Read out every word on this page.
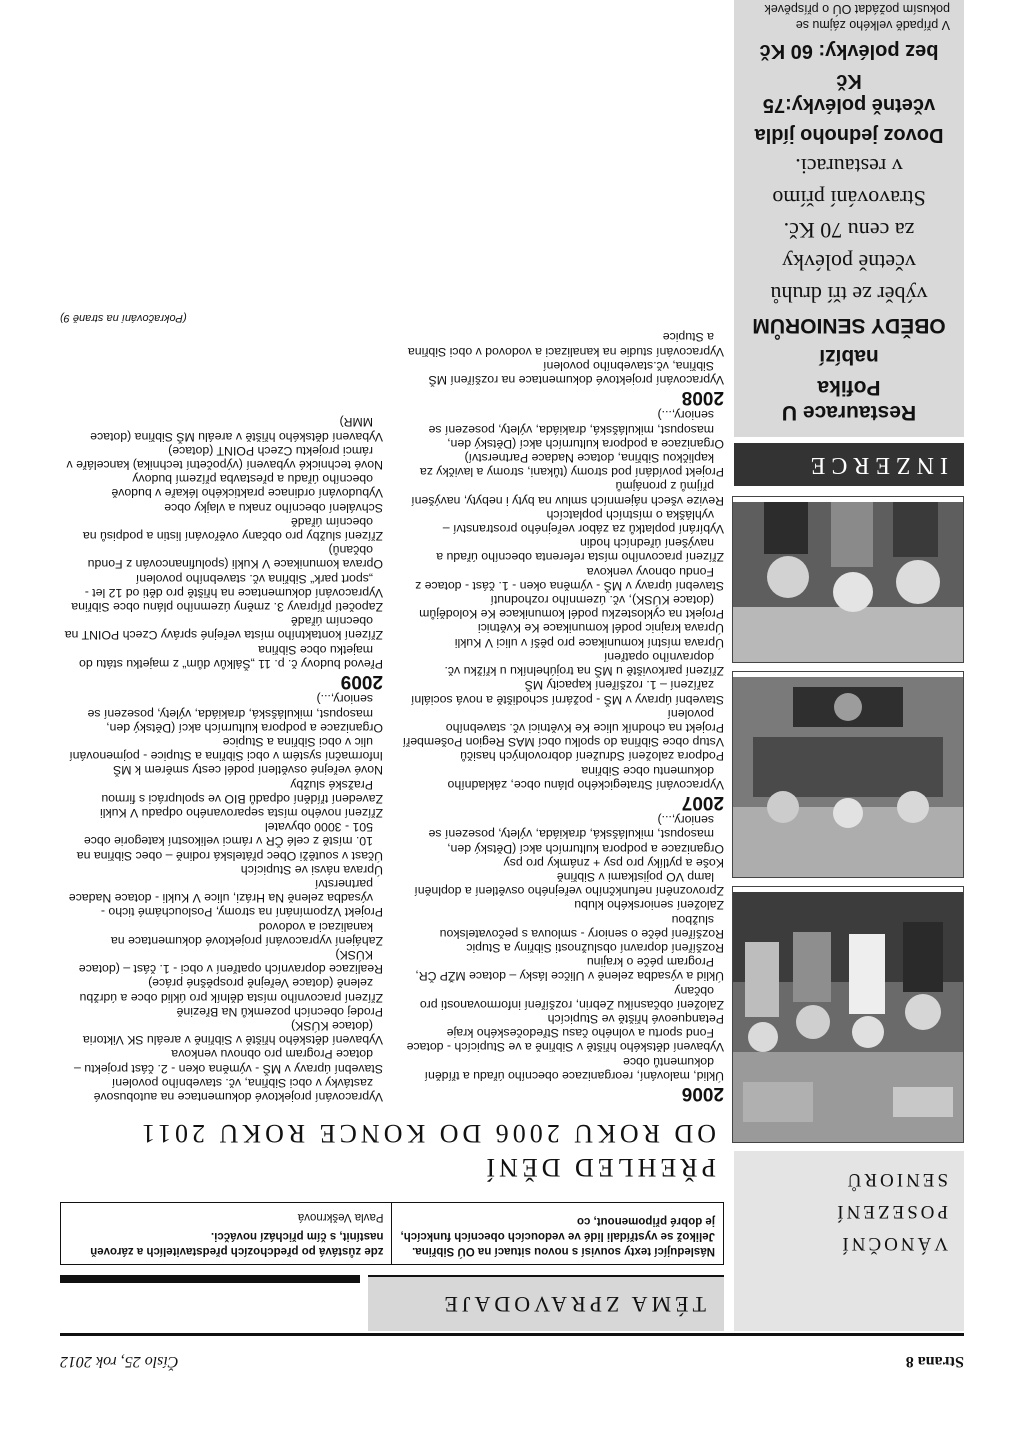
Strana 8
Číslo 25, rok 2012
VÁNOČNÍ
POSEZENÍ
SENIORŮ
INZERCE

Restaurace U Pofika

nabízí

OBĚDY SENIORŮM

výběr ze tří druhů

včetně polévky

za cenu 70 Kč.

Stravování přímo

v restauraci.

Dovoz jednoho jídla

včetně polévky:75 Kč

bez polévky: 60 Kč

V případě velkého zájmu se pokusím požádat OÚ o příspěvek

TÉMA ZPRAVODAJE
Následující texty souvisí s novou situací na OÚ Sibřina. Jelikož se vystřídali lidé ve vedoucích obecních funkcích, je dobré připomenout, co
zde zůstává po předchozích představitelích a zároveň nastínit, s čím přichází nováčci.
Pavla Veškrnová
PŘEHLED DĚNÍ
OD ROKU 2006 DO KONCE ROKU 2011

2006

Úklid, malování, reorganizace obecního úřadu a třídění dokumentů obce

Vybavení dětského hřiště v Sibřině a ve Stupicích - dotace Fond sportu a volného času Středočeského kraje

Petanqueové hřiště ve Stupicích

Založení občasníku Zebrin, rozšíření informovanosti pro občany

Úklid a výsadba zeleně v Uličce lásky – dotace MŽP ČR, Program péče o krajinu

Rozšíření dopravní obslužnosti Sibřiny a Stupic

Rozšíření péče o seniory - smlouva s pečovatelskou službou

Založení seniorského klubu

Zprovoznění nefunkčního veřejného osvětlení a doplnění lamp VO pojistkami v Sibřině

Koše a pytlíky pro psy + známky pro psy

Organizace a podpora kulturních akcí (Dětský den, masopust, mikulášská, drakiáda, výlety, posezení se seniory,...)

2007

Vypracování Strategického plánu obce, základního dokumentu obce Sibřina

Podpora založení Sdružení dobrovolných hasičů

Vstup obce Sibřina do spolku obcí MAS Region Pošembeří

Projekt na chodník ulice Ke Květnici vč. stavebního povolení

Stavební úpravy v MŠ - požární schodiště a nová sociální zařízení – 1. rozšíření kapacity MŠ

Zřízení parkoviště u MŠ na trojúhelníku u křížku vč. dopravního opatření

Úprava místní komunikace pro pěší v ulici V Kukli

Úprava krajnic podél komunikace Ke Květnici

Projekt na cyklostezku podél komunikace Ke Kolodějům (dotace KÚSK), vč. územního rozhodnutí

Stavební úpravy v MŠ - výměna oken - 1. část - dotace z Fondu obnovy venkova

Zřízení pracovního místa referenta obecního úřadu a navýšení úředních hodin

Vybírání poplatků za zábor veřejného prostranství – vyhláška o místních poplatcích

Revize všech nájemních smluv na byty i nebyty, navýšení příjmů z pronájmů

Projekt povídání pod stromy (tůkani, stromy a lavičky za kapličkou Sibřina, dotace Nadace Partnerství)

Organizace a podpora kulturních akcí (Dětský den, masopust, mikulášská, drakiáda, výlety, posezení se seniory,...)

2008

Vypracování projektové dokumentace na rozšíření MŠ Sibřina, vč.stavebního povolení

Vypracování studie na kanalizaci a vodovod v obci Sibřina a Stupice

Vypracování projektové dokumentace na autobusové zastávky v obci Sibřina, vč. stavebního povolení

Stavební úpravy v MŠ - výměna oken - 2. část projektu – dotace Program pro obnovu venkova

Vybavení dětského hřiště v Sibřině v areálu SK Viktoria (dotace KÚSK)

Prodej obecních pozemků Na Březině

Zřízení pracovního místa dělník pro úklid obce a údržbu zeleně (dotace Veřejně prospěšné práce)

Realizace dopravních opatření v obci - 1. část – (dotace KÚSK)

Zahájení vypracování projektové dokumentace na kanalizaci a vodovod

Projekt Vzpomínání na stromy, Poslouchámé ticho - výsadba zeleně Na Hrázi, ulice V Kukli - dotace Nadace partnerství

Úprava návsi ve Stupicích

Účast v soutěži Obec přátelská rodině – obec Sibřina na 10. místě z celé ČR v rámci velikostní kategorie obce 501 - 3000 obyvatel

Zřízení nového místa separovaného odpadu V Kukli

Zavedení třídění odpadů BIO ve spolupráci s firmou Pražské služby

Nové veřejné osvětlení podél cesty směrem k MŠ

Informační systém v obci Sibřina a Stupice - pojmenování ulic v obci Sibřina a Stupice

Organizace a podpora kulturních akcí (Dětský den, masopust, mikulášská, drakiáda, výlety, posezení se seniory,...)

2009

Převod budovy č. p. 11 „Šálkův dům“ z majetku státu do majetku obce Sibřina

Zřízení kontaktního místa veřejné správy Czech POINT na obecním úřadě

Započetí přípravy 3. změny územního plánu obce Sibřina

Vypracování dokumentace na hřiště pro děti od 12 let - „sport park“ Sibřina vč. stavebního povolení

Oprava komunikace V Kukli (spolufinancován z Fondu občanů)

Zřízení služby pro občany ověřování listin a podpisů na obecním úřadě

Schválení obecního znaku a vlajky obce

Vybudování ordinace praktického lékaře v budově obecního úřadu a přestavba přízemí budovy

Nové technické vybavení (výpočetní technika) kanceláře v rámci projektu Czech POINT (dotace)

Vybavení dětského hřiště v areálu MŠ Sibřina (dotace MMR)

(Pokračování na straně 9)
